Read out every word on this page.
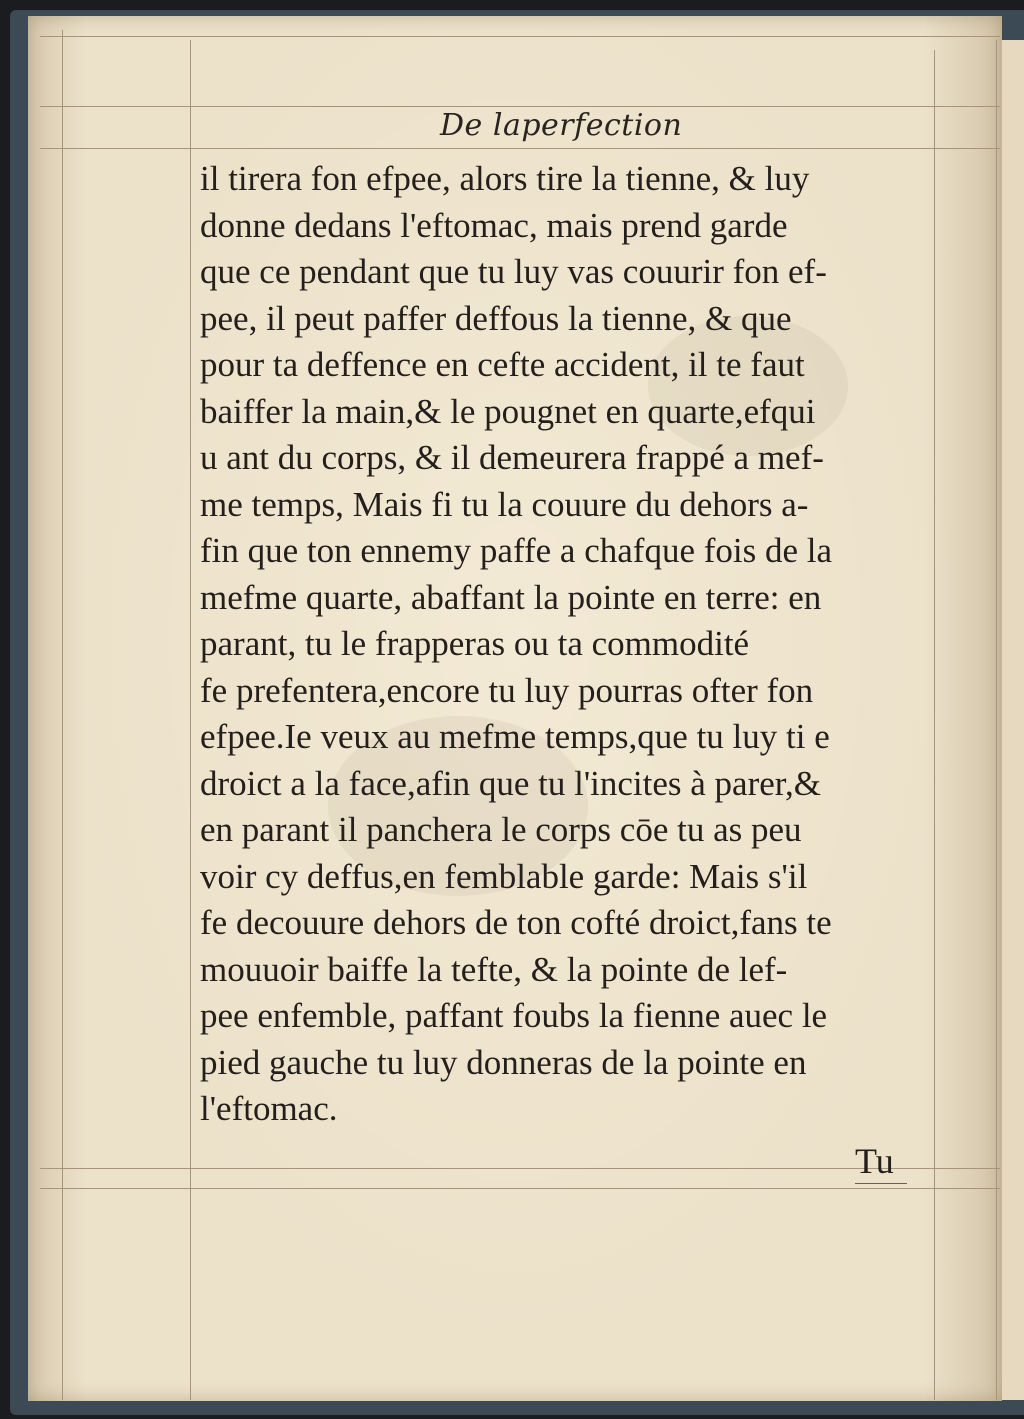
De laperfection
il tirera fon efpee, alors tire la tienne, & luy
donne dedans l'eftomac, mais prend garde
que ce pendant que tu luy vas couurir fon ef-
pee, il peut paffer deffous la tienne, & que
pour ta deffence en cefte accident, il te faut
baiffer la main,& le pougnet en quarte,efqui
u ant du corps, & il demeurera frappé a mef-
me temps, Mais fi tu la couure du dehors a-
fin que ton ennemy paffe a chafque fois de la
mefme quarte, abaffant la pointe en terre: en
parant, tu le frapperas ou ta commodité
fe prefentera,encore tu luy pourras ofter fon
efpee.Ie veux au mefme temps,que tu luy ti e
droict a la face,afin que tu l'incites à parer,&
en parant il panchera le corps cōe tu as peu
voir cy deffus,en femblable garde: Mais s'il
fe decouure dehors de ton cofté droict,fans te
mouuoir baiffe la tefte, & la pointe de lef-
pee enfemble, paffant foubs la fienne auec le
pied gauche tu luy donneras de la pointe en
l'eftomac.
Tu
